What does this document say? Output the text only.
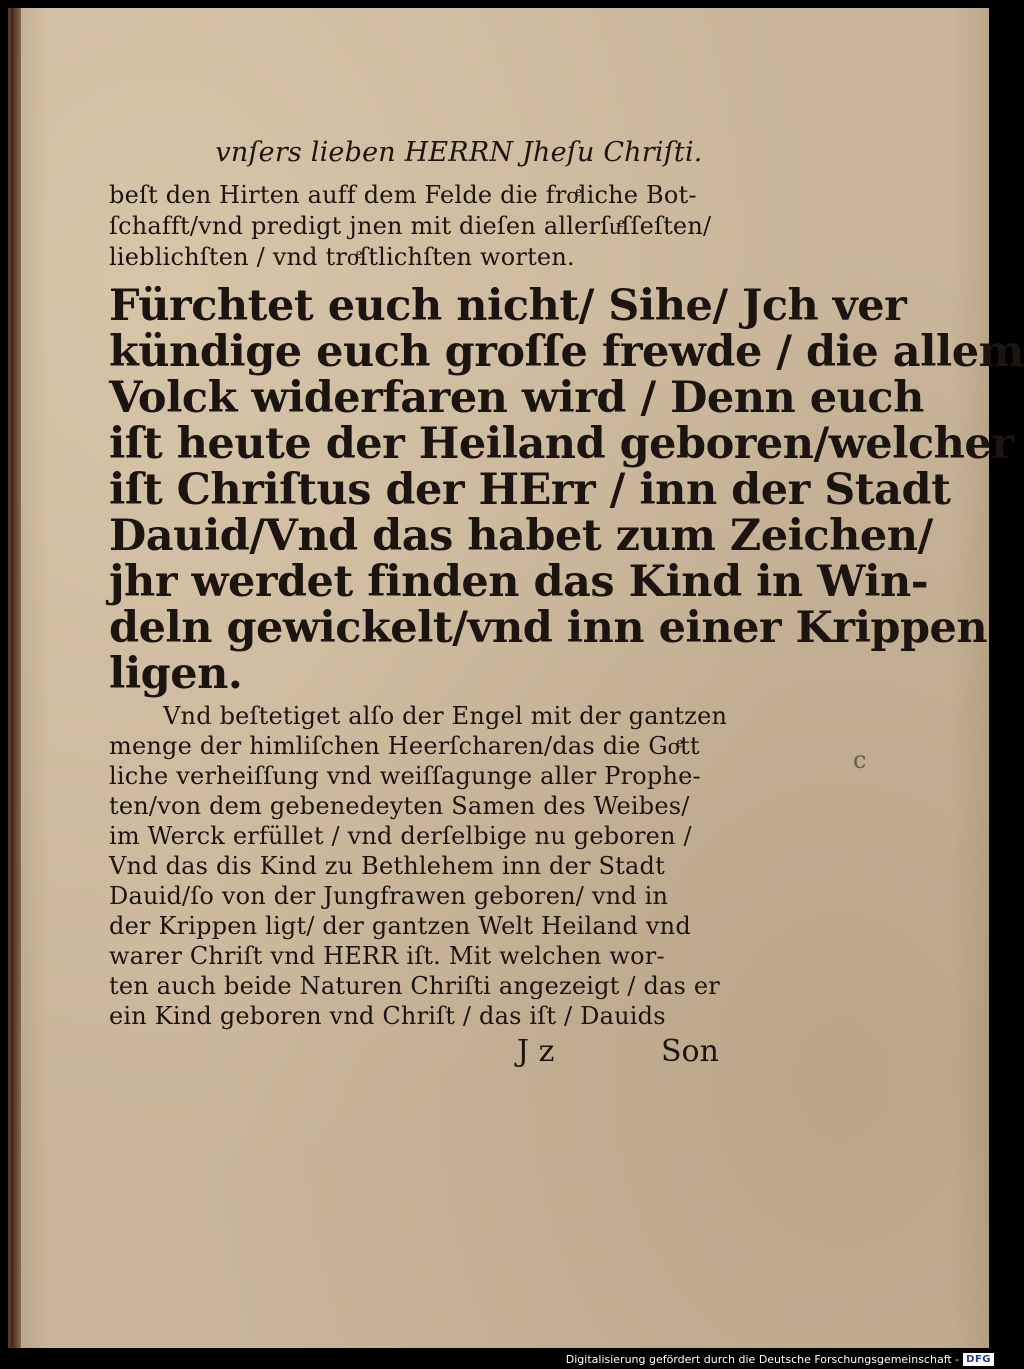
vnſers lieben HERRN Jheſu Chriſti.
beſt den Hirten auff dem Felde die froͤliche Bot-
ſchafft/vnd predigt jnen mit dieſen allerſuͤſſeſten/
lieblichſten / vnd troͤſtlichſten worten.
Fürchtet euch nicht/ Sihe/ Jch ver
kündige euch groſſe frewde / die allem
Volck widerfaren wird / Denn euch
iſt heute der Heiland geboren/welcher
iſt Chriſtus der HErr / inn der Stadt
Dauid/Vnd das habet zum Zeichen/
jhr werdet finden das Kind in Win-
deln gewickelt/vnd inn einer Krippen
ligen.
Vnd beſtetiget alſo der Engel mit der gantzen
menge der himliſchen Heerſcharen/das die Goͤtt
liche verheiſſung vnd weiſſagunge aller Prophe-
ten/von dem gebenedeyten Samen des Weibes/
im Werck erfüllet / vnd derſelbige nu geboren /
Vnd das dis Kind zu Bethlehem inn der Stadt
Dauid/ſo von der Jungfrawen geboren/ vnd in
der Krippen ligt/ der gantzen Welt Heiland vnd
warer Chriſt vnd HERR iſt. Mit welchen wor-
ten auch beide Naturen Chriſti angezeigt / das er
ein Kind geboren vnd Chriſt / das iſt / Dauids
J z	Son
c
Digitalisierung gefördert durch die Deutsche Forschungsgemeinschaft - DFG
